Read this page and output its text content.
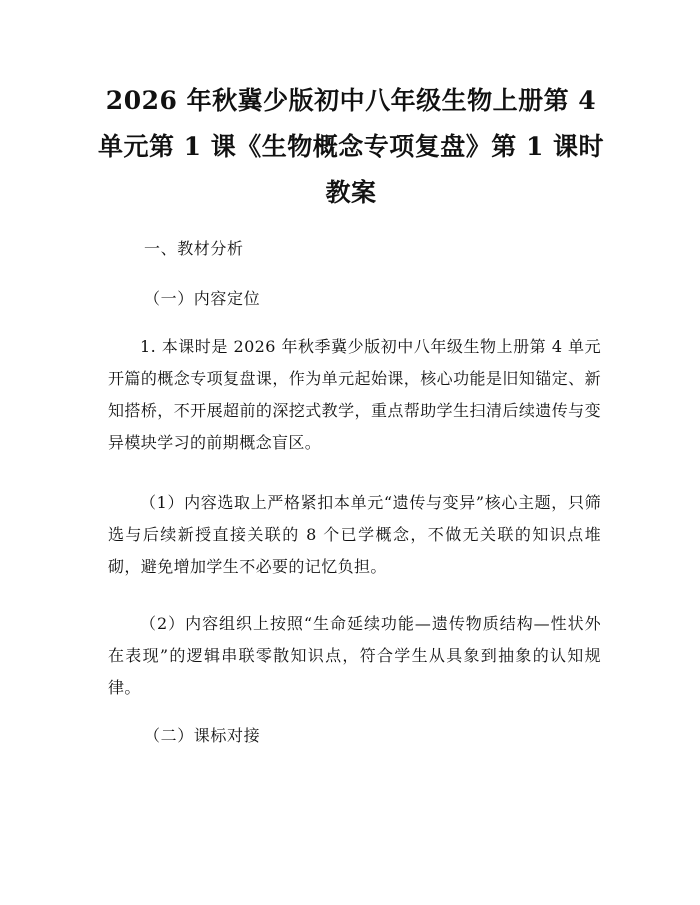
2026 年秋冀少版初中八年级生物上册第 4 单元第 1 课《生物概念专项复盘》第 1 课时教案

一、教材分析

（一）内容定位

1. 本课时是 2026 年秋季冀少版初中八年级生物上册第 4 单元开篇的概念专项复盘课，作为单元起始课，核心功能是旧知锚定、新知搭桥，不开展超前的深挖式教学，重点帮助学生扫清后续遗传与变异模块学习的前期概念盲区。

（1）内容选取上严格紧扣本单元“遗传与变异”核心主题，只筛选与后续新授直接关联的 8 个已学概念，不做无关联的知识点堆砌，避免增加学生不必要的记忆负担。

（2）内容组织上按照“生命延续功能—遗传物质结构—性状外在表现”的逻辑串联零散知识点，符合学生从具象到抽象的认知规律。

（二）课标对接
